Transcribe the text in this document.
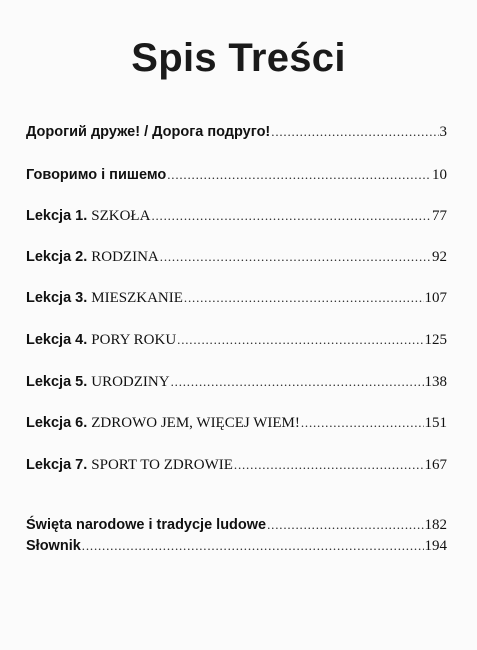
Spis Treści
Дорогий друже! / Дорога подруго! .....	3
Говоримо і пишемо .....	10
Lekcja 1. SZKOŁA .....	77
Lekcja 2. RODZINA .....	92
Lekcja 3. MIESZKANIE .....	107
Lekcja 4. PORY ROKU .....	125
Lekcja 5. URODZINY .....	138
Lekcja 6. ZDROWO JEM, WIĘCEJ WIEM! .....	151
Lekcja 7. SPORT TO ZDROWIE .....	167
Święta narodowe i tradycje ludowe .....	182
Słownik .....	194
